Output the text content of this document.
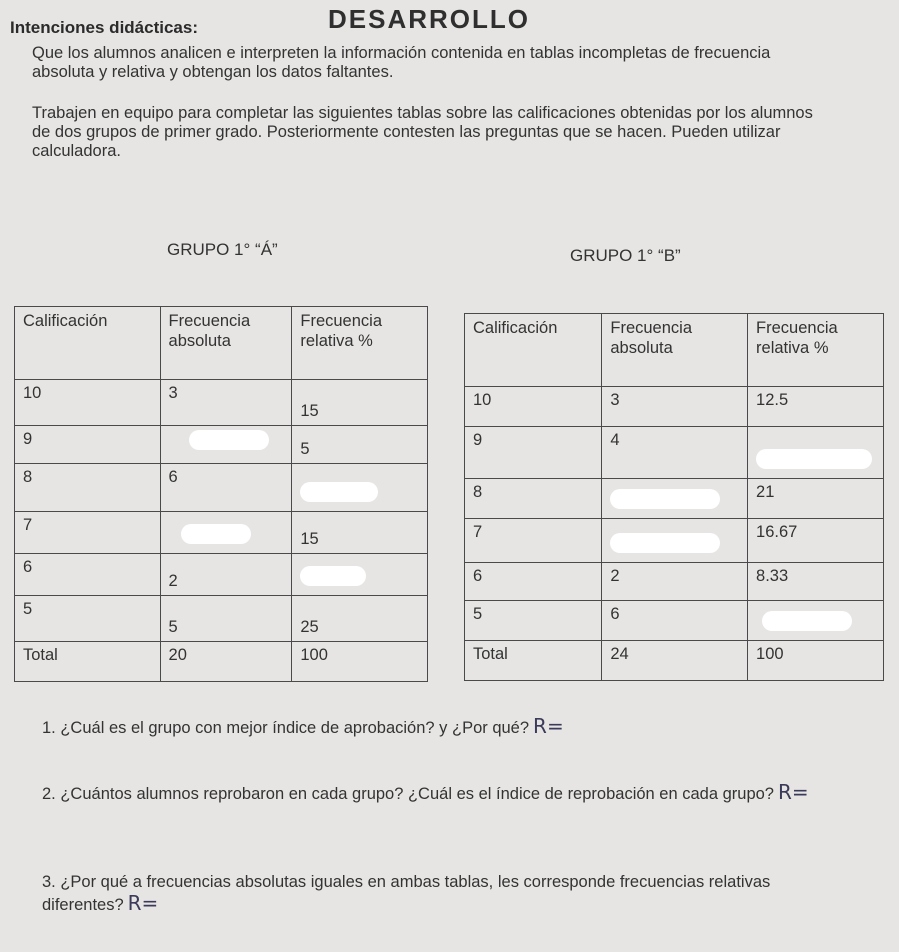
DESARROLLO
Intenciones didácticas:
Que los alumnos analicen e interpreten la información contenida en tablas incompletas de frecuencia absoluta y relativa y obtengan los datos faltantes.
Trabajen en equipo para completar las siguientes tablas sobre las calificaciones obtenidas por los alumnos de dos grupos de primer grado. Posteriormente contesten las preguntas que se hacen. Pueden utilizar calculadora.
GRUPO 1° “Á”	GRUPO 1° “B”
Calificación	Frecuencia absoluta	Frecuencia relativa %
10	3	15
9		5
8	6	
7		15
6	2	
5	5	25
Total	20	100
Calificación	Frecuencia absoluta	Frecuencia relativa %
10	3	12.5
9	4	
8		21
7		16.67
6	2	8.33
5	6	
Total	24	100
1. ¿Cuál es el grupo con mejor índice de aprobación? y ¿Por qué? R=
2. ¿Cuántos alumnos reprobaron en cada grupo? ¿Cuál es el índice de reprobación en cada grupo? R=
3. ¿Por qué a frecuencias absolutas iguales en ambas tablas, les corresponde frecuencias relativas diferentes? R=
